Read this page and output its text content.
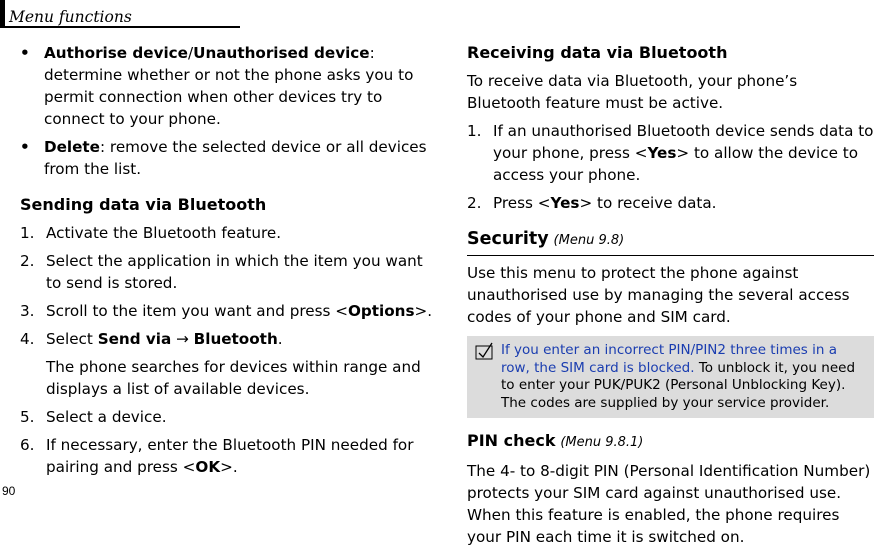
Menu functions
90
• Authorise device/Unauthorised device: determine whether or not the phone asks you to permit connection when other devices try to connect to your phone.
• Delete: remove the selected device or all devices from the list.
Sending data via Bluetooth
1. Activate the Bluetooth feature.
2. Select the application in which the item you want to send is stored.
3. Scroll to the item you want and press <Options>.
4. Select Send via → Bluetooth.
The phone searches for devices within range and displays a list of available devices.
5. Select a device.
6. If necessary, enter the Bluetooth PIN needed for pairing and press <OK>.
Receiving data via Bluetooth
To receive data via Bluetooth, your phone’s Bluetooth feature must be active.
1. If an unauthorised Bluetooth device sends data to your phone, press <Yes> to allow the device to access your phone.
2. Press <Yes> to receive data.
Security (Menu 9.8)
Use this menu to protect the phone against unauthorised use by managing the several access codes of your phone and SIM card.
If you enter an incorrect PIN/PIN2 three times in a row, the SIM card is blocked. To unblock it, you need to enter your PUK/PUK2 (Personal Unblocking Key). The codes are supplied by your service provider.
PIN check (Menu 9.8.1)
The 4- to 8-digit PIN (Personal Identification Number) protects your SIM card against unauthorised use. When this feature is enabled, the phone requires your PIN each time it is switched on.
